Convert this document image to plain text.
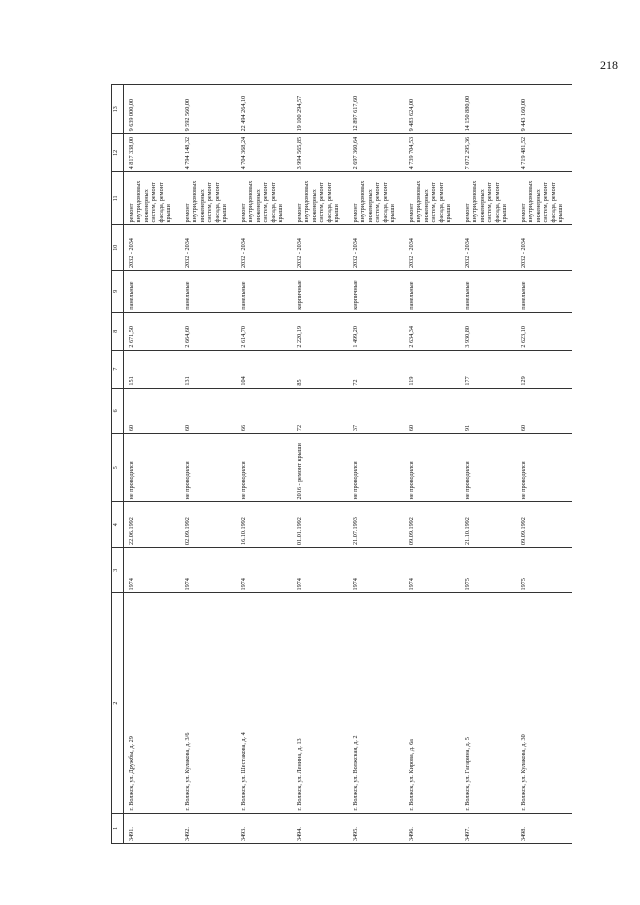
218
1	2	3	4	5	6	7	8	9	10	11	12	13
3491.	г. Волжск, ул. Дружбы, д. 29	1974	22.06.1992	не проводился	60	151	2 671,50	панельные	2032 - 2034	ремонт внутридомовых инженерных систем, ремонт фасада, ремонт крыши	4 817 338,00	9 639 000,00
3492.	г. Волжск, ул. Кулакова, д. 3/6	1974	02.09.1992	не проводился	60	131	2 664,60	панельные	2032 - 2034	ремонт внутридомовых инженерных систем, ремонт фасада, ремонт крыши	4 794 148,32	9 592 560,00
3493.	г. Волжск, ул. Шестакова, д. 4	1974	16.10.1992	не проводился	66	104	2 614,70	панельные	2032 - 2034	ремонт внутридомовых инженерных систем, ремонт фасада, ремонт крыши	4 704 368,24	22 494 264,10
3494.	г. Волжск, ул. Ленина, д. 13	1974	01.01.1992	2016 - ремонт крыши	72	85	2 220,19	кирпичные	2032 - 2034	ремонт внутридомовых инженерных систем, ремонт фасада, ремонт крыши	3 994 565,85	19 100 294,57
3495.	г. Волжск, ул. Волжская, д. 2	1974	21.07.1993	не проводился	37	72	1 499,20	кирпичные	2032 - 2034	ремонт внутридомовых инженерных систем, ремонт фасада, ремонт крыши	2 697 360,64	12 897 617,60
3496.	г. Волжск, ул. Кирова, д. 6а	1974	09.09.1992	не проводился	60	119	2 634,34	панельные	2032 - 2034	ремонт внутридомовых инженерных систем, ремонт фасада, ремонт крыши	4 739 704,53	9 483 624,00
3497.	г. Волжск, ул. Гагарина, д. 5	1975	21.10.1992	не проводился	91	177	3 930,80	панельные	2032 - 2034	ремонт внутридомовых инженерных систем, ремонт фасада, ремонт крыши	7 072 295,36	14 150 880,00
3498.	г. Волжск, ул. Кулакова, д. 30	1975	09.09.1992	не проводился	60	129	2 623,10	панельные	2032 - 2034	ремонт внутридомовых инженерных систем, ремонт фасада, ремонт крыши	4 719 481,52	9 443 160,00
